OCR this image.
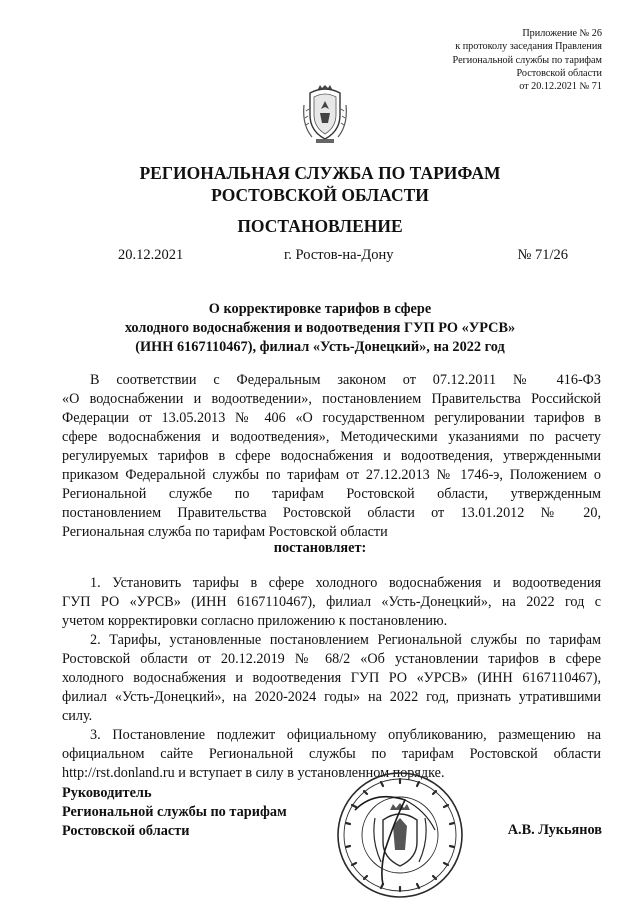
Приложение № 26
к протоколу заседания Правления
Региональной службы по тарифам
Ростовской области
от 20.12.2021 № 71
РЕГИОНАЛЬНАЯ СЛУЖБА ПО ТАРИФАМ
РОСТОВСКОЙ ОБЛАСТИ
ПОСТАНОВЛЕНИЕ
20.12.2021	г. Ростов-на-Дону	№ 71/26
О корректировке тарифов в сфере
холодного водоснабжения и водоотведения ГУП РО «УРСВ»
(ИНН 6167110467), филиал «Усть-Донецкий», на 2022 год
В соответствии с Федеральным законом от 07.12.2011 № 416-ФЗ
«О водоснабжении и водоотведении», постановлением Правительства Российской
Федерации от 13.05.2013 № 406 «О государственном регулировании тарифов в
сфере водоснабжения и водоотведения», Методическими указаниями по расчету
регулируемых тарифов в сфере водоснабжения и водоотведения, утвержденными
приказом Федеральной службы по тарифам от 27.12.2013 № 1746-э, Положением о
Региональной службе по тарифам Ростовской области, утвержденным
постановлением Правительства Ростовской области от 13.01.2012 № 20,
Региональная служба по тарифам Ростовской области
постановляет:
1. Установить тарифы в сфере холодного водоснабжения и водоотведения
ГУП РО «УРСВ» (ИНН 6167110467), филиал «Усть-Донецкий», на 2022 год с
учетом корректировки согласно приложению к постановлению.
2. Тарифы, установленные постановлением Региональной службы по тарифам
Ростовской области от 20.12.2019 № 68/2 «Об установлении тарифов в сфере
холодного водоснабжения и водоотведения ГУП РО «УРСВ» (ИНН 6167110467),
филиал «Усть-Донецкий», на 2020-2024 годы» на 2022 год, признать утратившими
силу.
3. Постановление подлежит официальному опубликованию, размещению на
официальном сайте Региональной службы по тарифам Ростовской области
http://rst.donland.ru и вступает в силу в установленном порядке.
Руководитель
Региональной службы по тарифам
Ростовской области	А.В. Лукьянов
